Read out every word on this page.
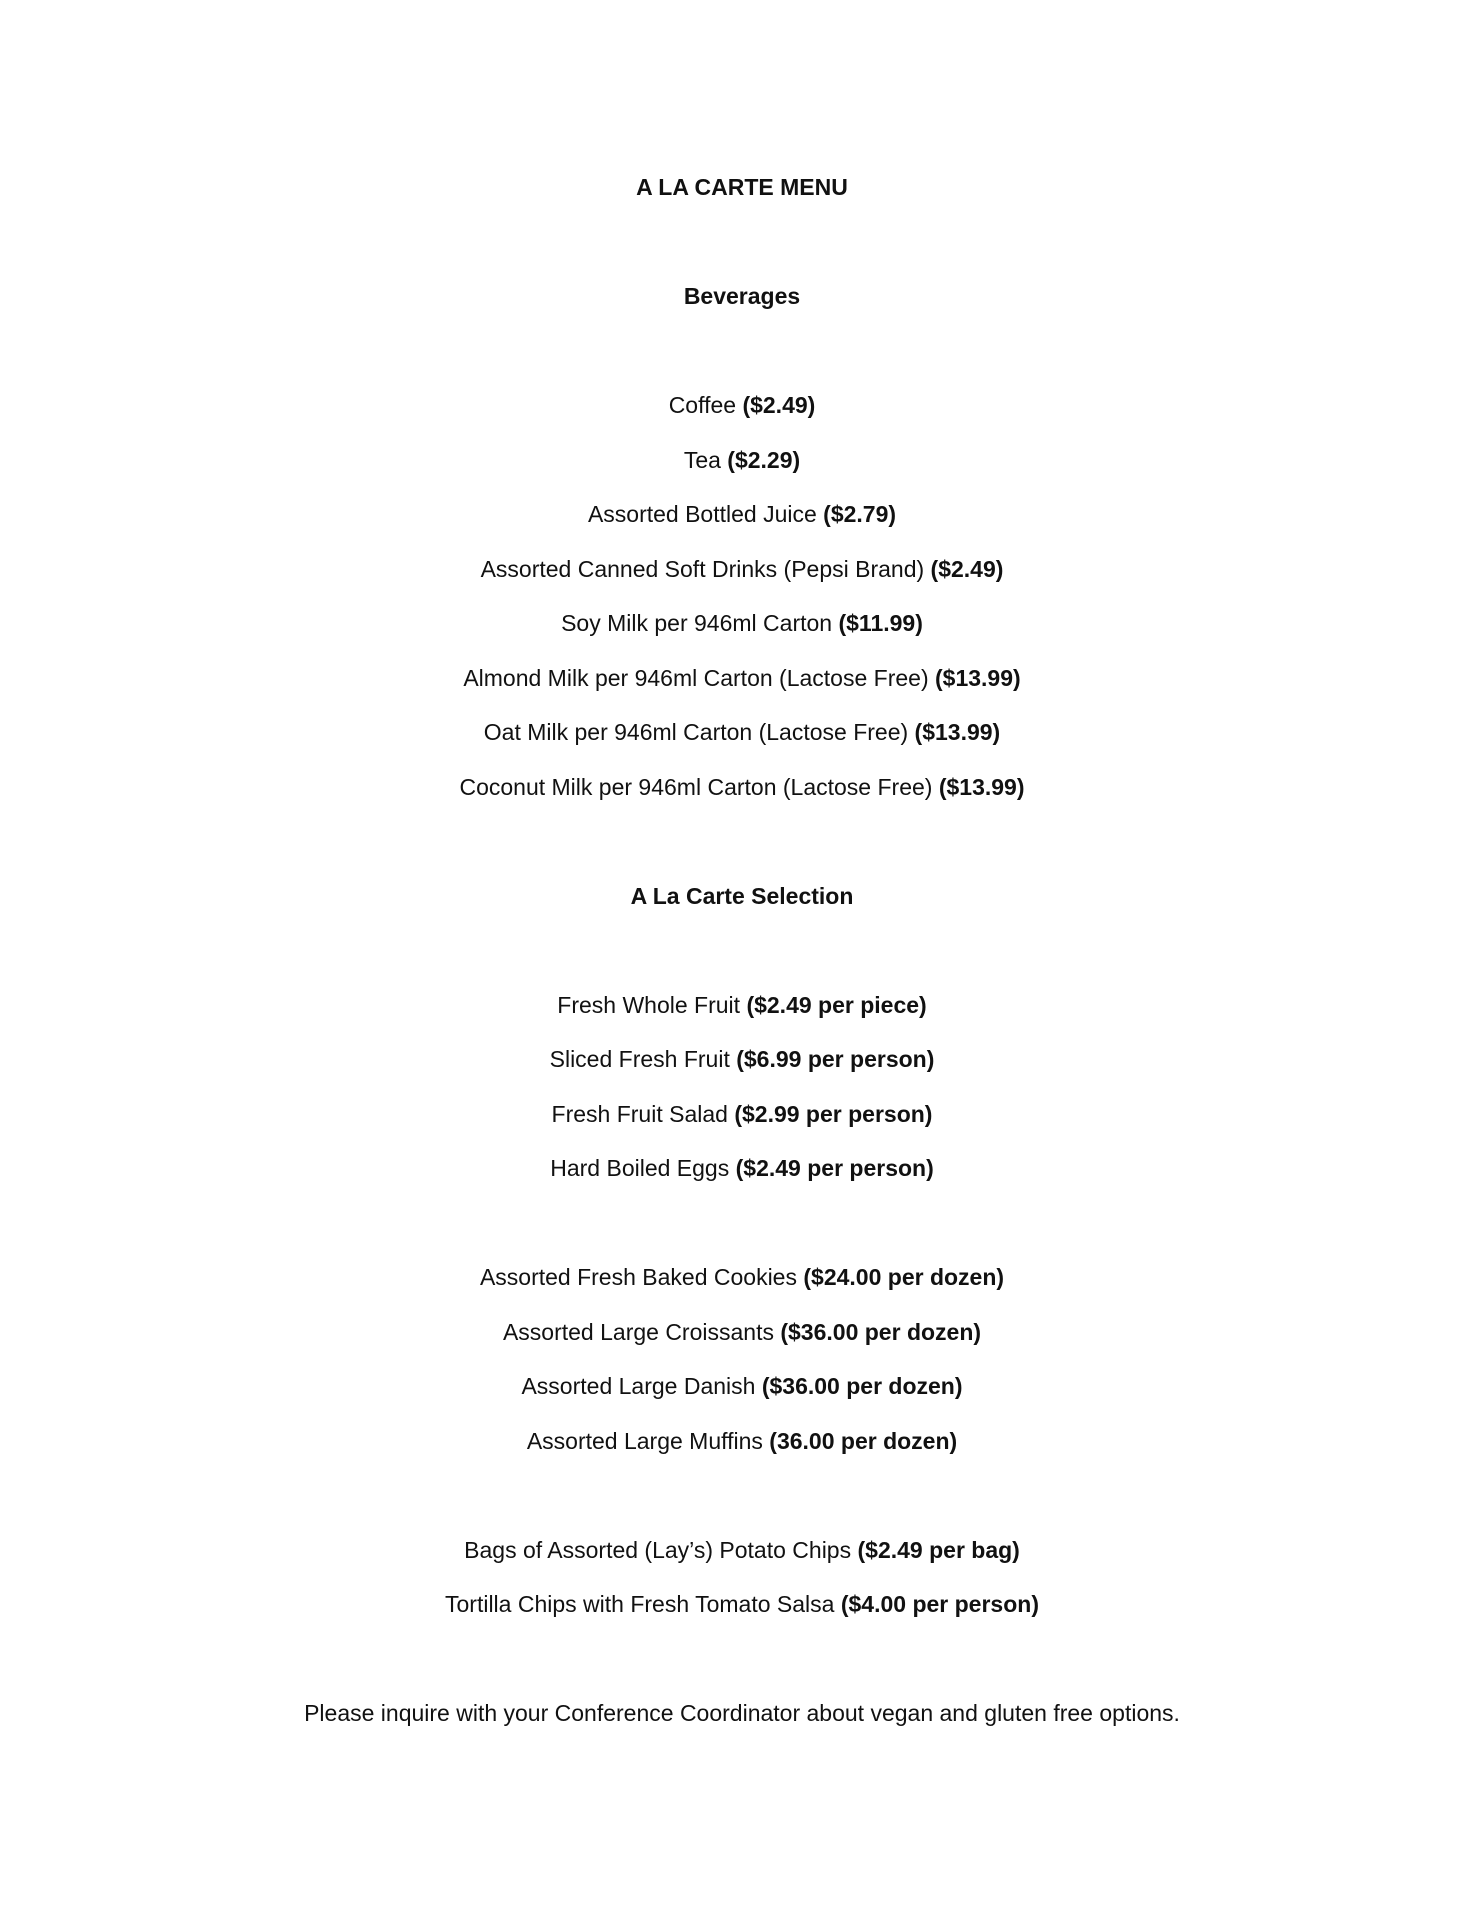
A LA CARTE MENU
Beverages
Coffee ($2.49)
Tea ($2.29)
Assorted Bottled Juice ($2.79)
Assorted Canned Soft Drinks (Pepsi Brand) ($2.49)
Soy Milk per 946ml Carton ($11.99)
Almond Milk per 946ml Carton (Lactose Free) ($13.99)
Oat Milk per 946ml Carton (Lactose Free) ($13.99)
Coconut Milk per 946ml Carton (Lactose Free) ($13.99)
A La Carte Selection
Fresh Whole Fruit ($2.49 per piece)
Sliced Fresh Fruit ($6.99 per person)
Fresh Fruit Salad ($2.99 per person)
Hard Boiled Eggs ($2.49 per person)
Assorted Fresh Baked Cookies ($24.00 per dozen)
Assorted Large Croissants ($36.00 per dozen)
Assorted Large Danish ($36.00 per dozen)
Assorted Large Muffins (36.00 per dozen)
Bags of Assorted (Lay’s) Potato Chips ($2.49 per bag)
Tortilla Chips with Fresh Tomato Salsa ($4.00 per person)
Please inquire with your Conference Coordinator about vegan and gluten free options.
